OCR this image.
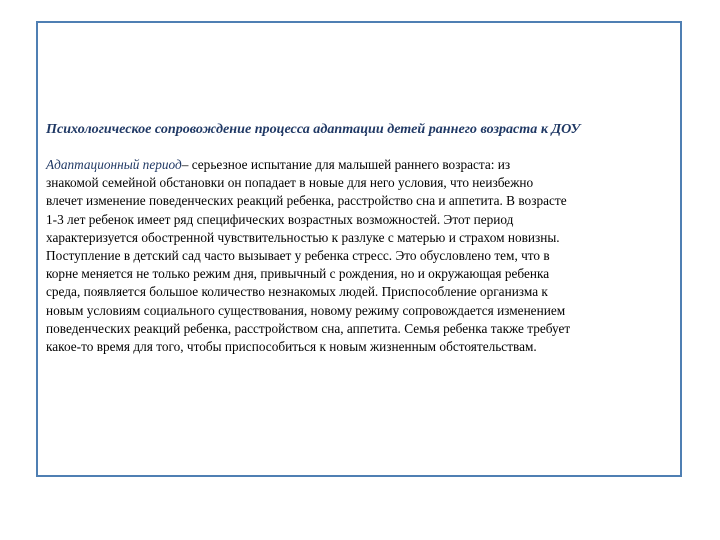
Психологическое сопровождение процесса адаптации детей раннего возраста к ДОУ

Адаптационный период– серьезное испытание для малышей раннего возраста: из
знакомой семейной обстановки он попадает в новые для него условия, что неизбежно
влечет изменение поведенческих реакций ребенка, расстройство сна и аппетита. В возрасте
1-3 лет ребенок имеет ряд специфических возрастных возможностей. Этот период
характеризуется обостренной чувствительностью к разлуке с матерью и страхом новизны.
Поступление в детский сад часто вызывает у ребенка стресс. Это обусловлено тем, что в
корне меняется не только режим дня, привычный с рождения, но и окружающая ребенка
среда, появляется большое количество незнакомых людей. Приспособление организма к
новым условиям социального существования, новому режиму сопровождается изменением
поведенческих реакций ребенка, расстройством сна, аппетита. Семья ребенка также требует
какое-то время для того, чтобы приспособиться к новым жизненным обстоятельствам.
